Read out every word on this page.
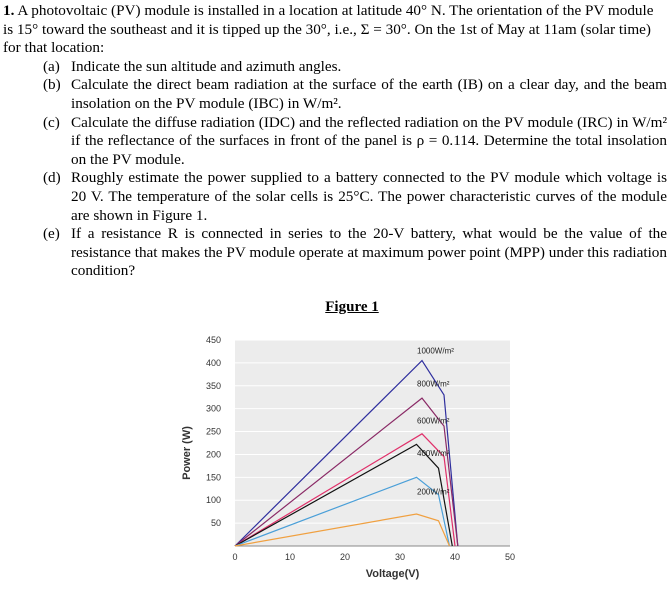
1. A photovoltaic (PV) module is installed in a location at latitude 40° N. The orientation of the PV module is 15° toward the southeast and it is tipped up the 30°, i.e., Σ = 30°. On the 1st of May at 11am (solar time) for that location:

(a) Indicate the sun altitude and azimuth angles.
(b) Calculate the direct beam radiation at the surface of the earth (IB) on a clear day, and the beam insolation on the PV module (IBC) in W/m².
(c) Calculate the diffuse radiation (IDC) and the reflected radiation on the PV module (IRC) in W/m² if the reflectance of the surfaces in front of the panel is ρ = 0.114. Determine the total insolation on the PV module.
(d) Roughly estimate the power supplied to a battery connected to the PV module which voltage is 20 V. The temperature of the solar cells is 25°C. The power characteristic curves of the module are shown in Figure 1.
(e) If a resistance R is connected in series to the 20-V battery, what would be the value of the resistance that makes the PV module operate at maximum power point (MPP) under this radiation condition?
Figure 1
50
100
150
200
250
300
350
400
450
0	10	20	30	40	50
Voltage(V)
Power (W)
1000W/m²
800W/m²
600W/m²
400W/m²
200W/m²
